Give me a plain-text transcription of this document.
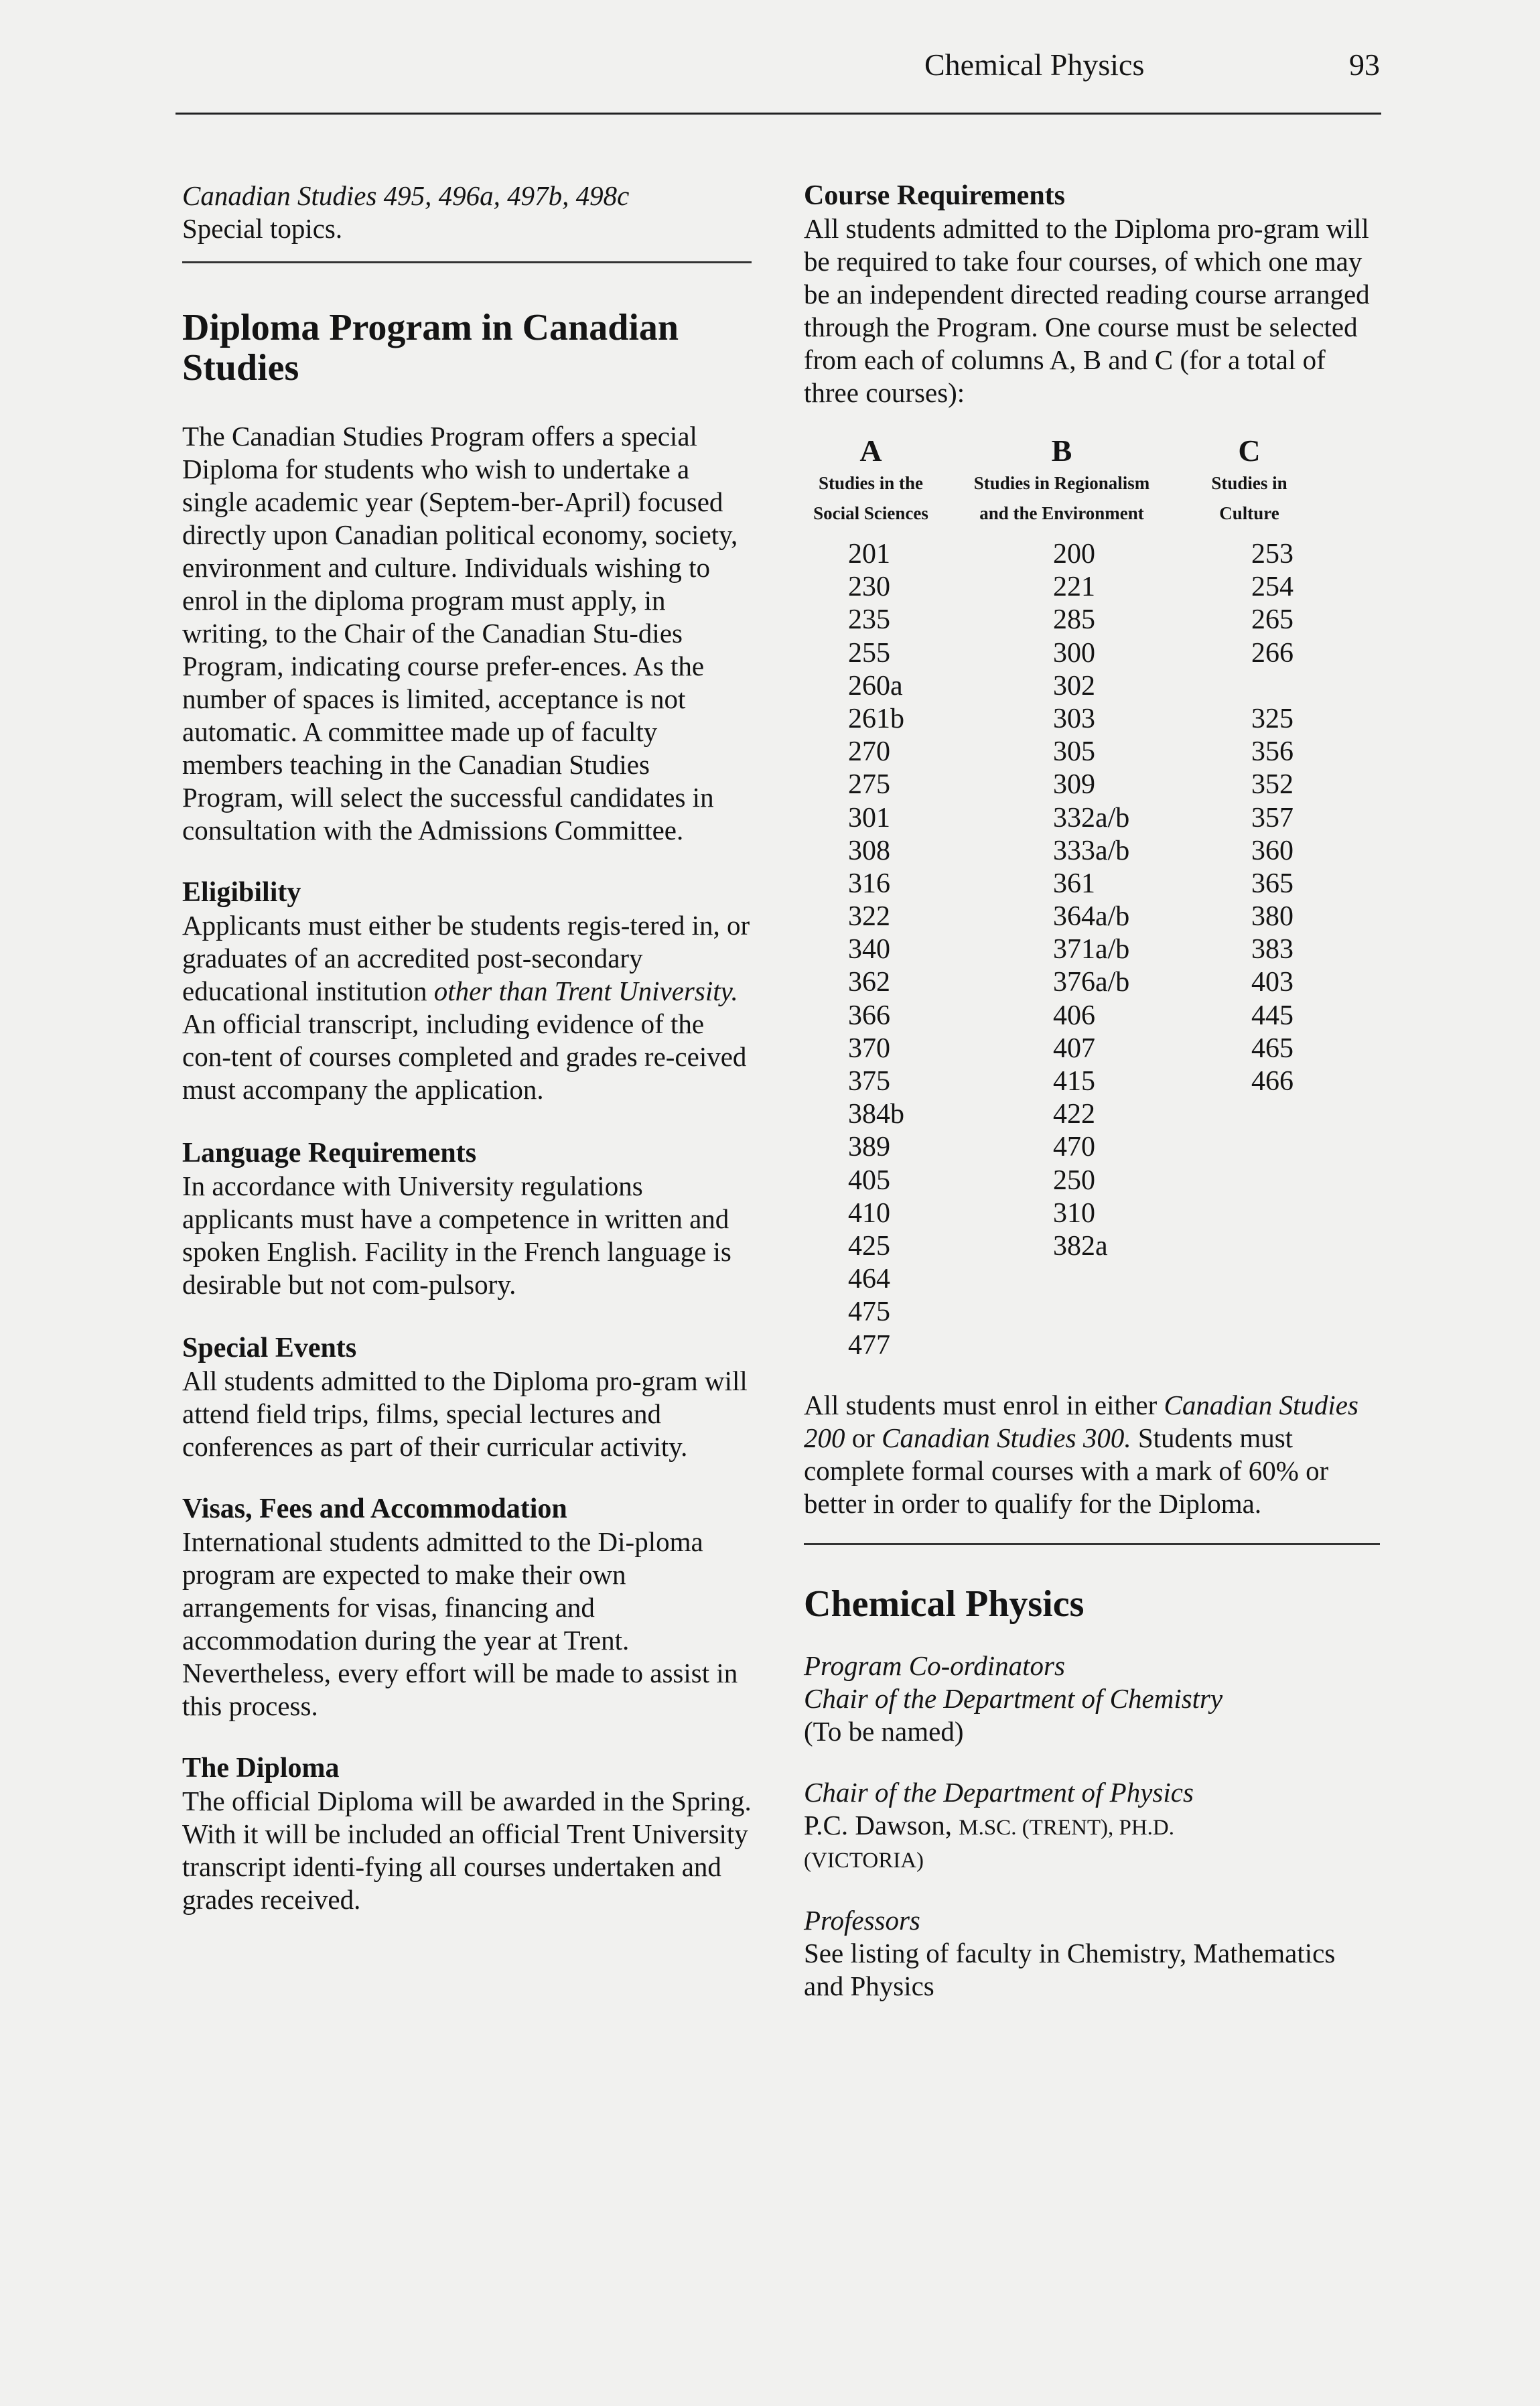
Chemical Physics	93

Canadian Studies 495, 496a, 497b, 498c

Special topics.

Diploma Program in Canadian Studies

The Canadian Studies Program offers a special Diploma for students who wish to undertake a single academic year (Septem-ber-April) focused directly upon Canadian political economy, society, environment and culture. Individuals wishing to enrol in the diploma program must apply, in writing, to the Chair of the Canadian Stu-dies Program, indicating course prefer-ences. As the number of spaces is limited, acceptance is not automatic. A committee made up of faculty members teaching in the Canadian Studies Program, will select the successful candidates in consultation with the Admissions Committee.

Eligibility

Applicants must either be students regis-tered in, or graduates of an accredited post-secondary educational institution other than Trent University. An official transcript, including evidence of the con-tent of courses completed and grades re-ceived must accompany the application.

Language Requirements

In accordance with University regulations applicants must have a competence in written and spoken English. Facility in the French language is desirable but not com-pulsory.

Special Events

All students admitted to the Diploma pro-gram will attend field trips, films, special lectures and conferences as part of their curricular activity.

Visas, Fees and Accommodation

International students admitted to the Di-ploma program are expected to make their own arrangements for visas, financing and accommodation during the year at Trent. Nevertheless, every effort will be made to assist in this process.

The Diploma

The official Diploma will be awarded in the Spring. With it will be included an official Trent University transcript identi-fying all courses undertaken and grades received.

Course Requirements

All students admitted to the Diploma pro-gram will be required to take four courses, of which one may be an independent directed reading course arranged through the Program. One course must be selected from each of columns A, B and C (for a total of three courses):

A
Studies in the
Social Sciences
B
Studies in Regionalism
and the Environment
C
Studies in
Culture
201
230
235
255
260a
261b
270
275
301
308
316
322
340
362
366
370
375
384b
389
405
410
425
464
475
477
200
221
285
300
302
303
305
309
332a/b
333a/b
361
364a/b
371a/b
376a/b
406
407
415
422
470
250
310
382a
253
254
265
266
325
356
352
357
360
365
380
383
403
445
465
466

All students must enrol in either Canadian Studies 200 or Canadian Studies 300. Students must complete formal courses with a mark of 60% or better in order to qualify for the Diploma.

Chemical Physics

Program Co-ordinators

Chair of the Department of Chemistry

(To be named)

Chair of the Department of Physics

P.C. Dawson, M.SC. (TRENT), PH.D.

(VICTORIA)

Professors

See listing of faculty in Chemistry, Mathematics and Physics
